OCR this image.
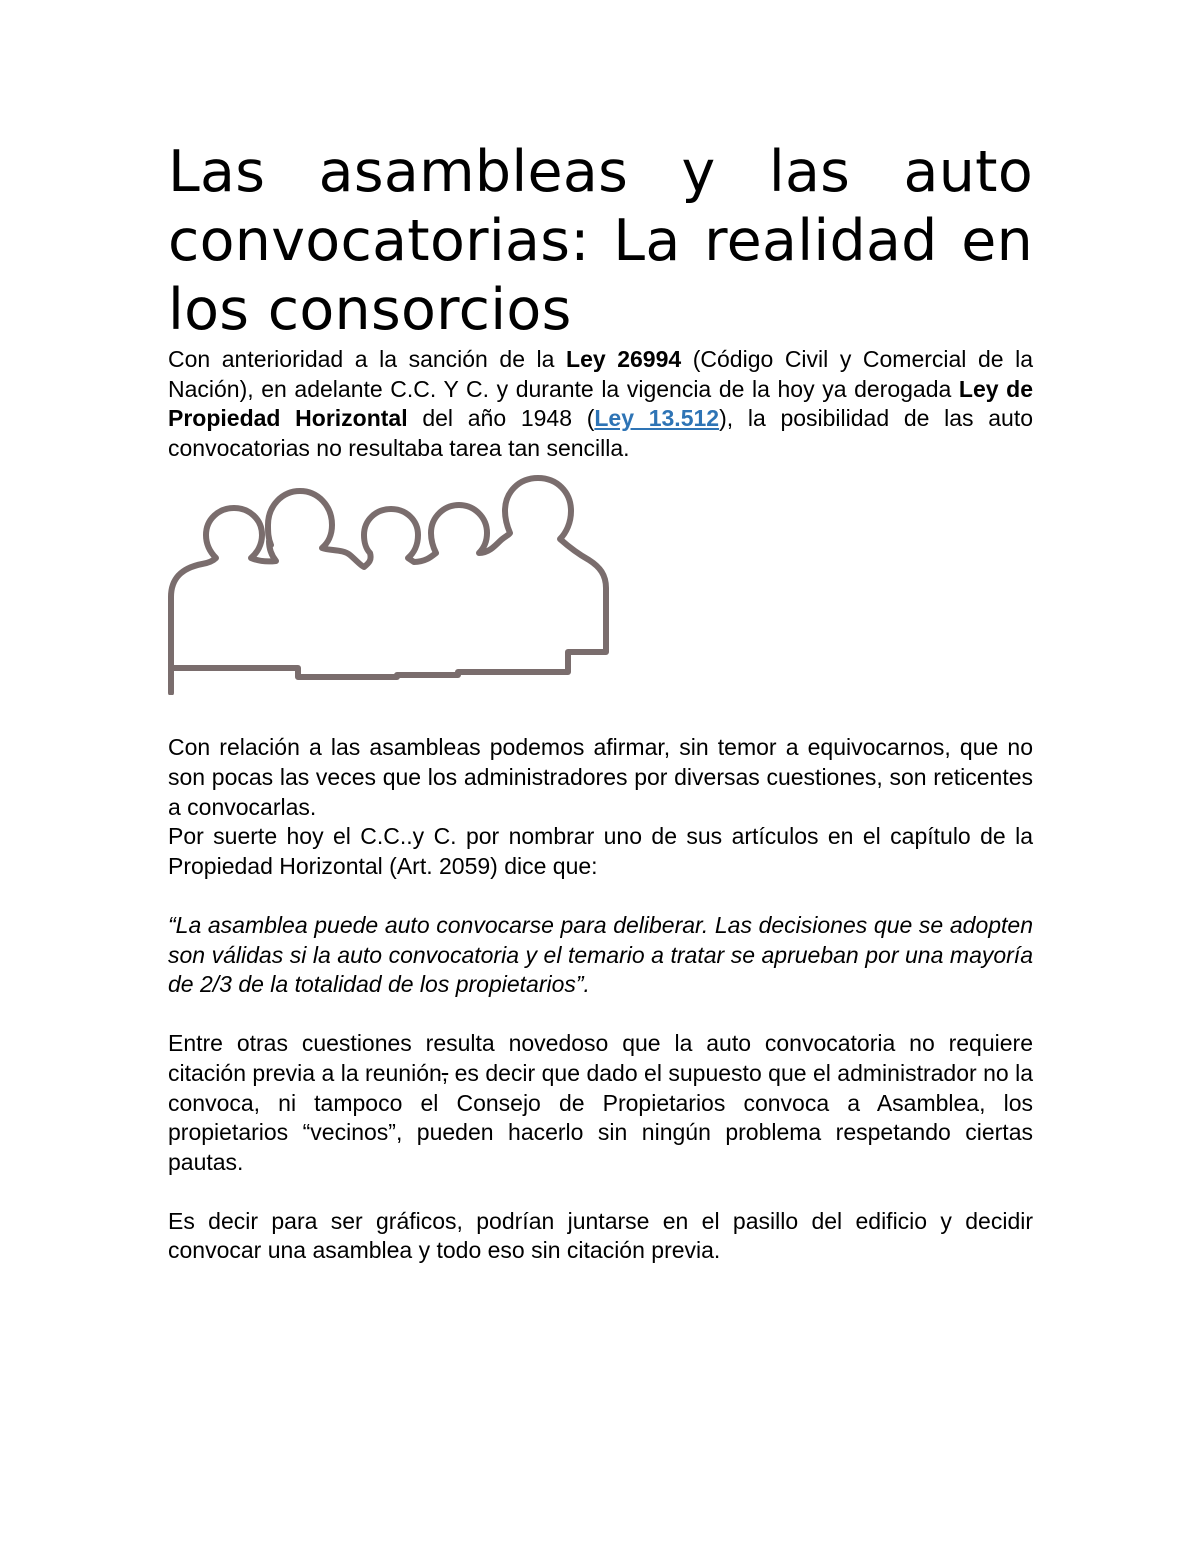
Las asambleas y las auto convocatorias: La realidad en los consorcios

Con anterioridad a la sanción de la Ley 26994 (Código Civil y Comercial de la Nación), en adelante C.C. Y C. y durante la vigencia de la hoy ya derogada Ley de Propiedad Horizontal del año 1948 (Ley 13.512), la posibilidad de las auto convocatorias no resultaba tarea tan sencilla.

Con relación a las asambleas podemos afirmar, sin temor a equivocarnos, que no son pocas las veces que los administradores por diversas cuestiones, son reticentes a convocarlas.

Por suerte hoy el C.C..y C. por nombrar uno de sus artículos en el capítulo de la Propiedad Horizontal (Art. 2059) dice que:

“La asamblea puede auto convocarse para deliberar. Las decisiones que se adopten son válidas si la auto convocatoria y el temario a tratar se aprueban por una mayoría de 2/3 de la totalidad de los propietarios”.

Entre otras cuestiones resulta novedoso que la auto convocatoria no requiere citación previa a la reunión, es decir que dado el supuesto que el administrador no la convoca, ni tampoco el Consejo de Propietarios convoca a Asamblea, los propietarios “vecinos”, pueden hacerlo sin ningún problema respetando ciertas pautas.

Es decir para ser gráficos, podrían juntarse en el pasillo del edificio y decidir convocar una asamblea y todo eso sin citación previa.
